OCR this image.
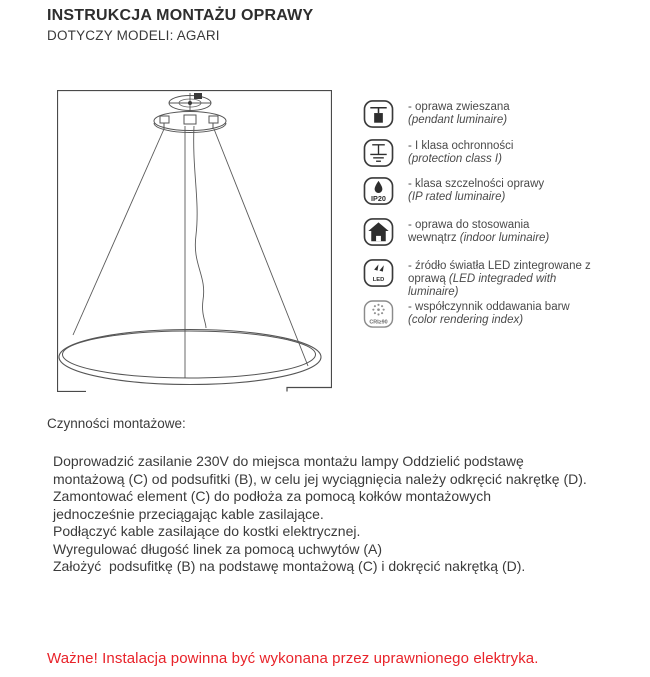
INSTRUKCJA MONTAŻU OPRAWY
DOTYCZY MODELI: AGARI
- oprawa zwieszana
(pendant luminaire)
- I klasa ochronności
(protection class I)
IP20
- klasa szczelności oprawy
(IP rated luminaire)
- oprawa do stosowania wewnątrz (indoor luminaire)
LED
- źródło światła LED zintegrowane z oprawą (LED integraded with luminaire)
CRI≥90
- współczynnik oddawania barw
(color rendering index)
Czynności montażowe:
Doprowadzić zasilanie 230V do miejsca montażu lampy Oddzielić podstawę
montażową (C) od podsufitki (B), w celu jej wyciągnięcia należy odkręcić nakrętkę (D).
Zamontować element (C) do podłoża za pomocą kołków montażowych
jednocześnie przeciągając kable zasilające.
Podłączyć kable zasilające do kostki elektrycznej.
Wyregulować długość linek za pomocą uchwytów (A)
Założyć  podsufitkę (B) na podstawę montażową (C) i dokręcić nakrętką (D).
Ważne! Instalacja powinna być wykonana przez uprawnionego elektryka.
